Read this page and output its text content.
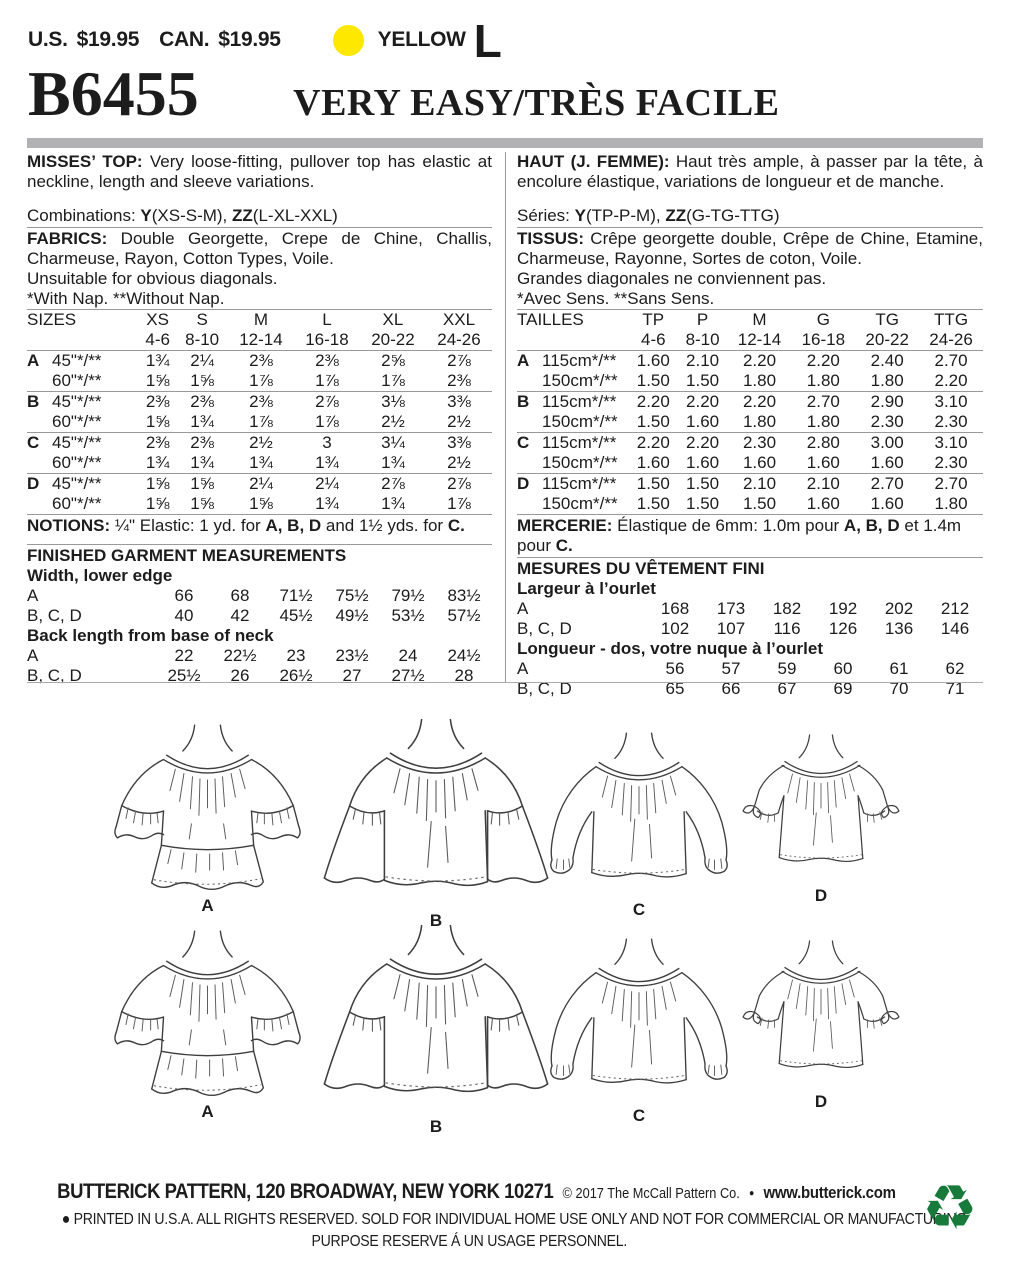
U.S. $19.95 CAN. $19.95	YELLOW L
B6455 VERY EASY/TRÈS FACILE
MISSES’ TOP: Very loose-fitting, pullover top has elastic at neckline, length and sleeve variations.
Combinations: Y(XS-S-M), ZZ(L-XL-XXL)
FABRICS: Double Georgette, Crepe de Chine, Challis, Charmeuse, Rayon, Cotton Types, Voile.
Unsuitable for obvious diagonals.
*With Nap. **Without Nap.
SIZES		XS	S	M	L	XL	XXL
		4-6	8-10	12-14	16-18	20-22	24-26
A	45"*/**	1¾	2¼	2⅜	2⅜	2⅝	2⅞
	60"*/**	1⅝	1⅝	1⅞	1⅞	1⅞	2⅜
B	45"*/**	2⅜	2⅜	2⅜	2⅞	3⅛	3⅜
	60"*/**	1⅝	1¾	1⅞	1⅞	2½	2½
C	45"*/**	2⅜	2⅜	2½	3	3¼	3⅜
	60"*/**	1¾	1¾	1¾	1¾	1¾	2½
D	45"*/**	1⅝	1⅝	2¼	2¼	2⅞	2⅞
	60"*/**	1⅝	1⅝	1⅝	1¾	1¾	1⅞
NOTIONS: ¼" Elastic: 1 yd. for A, B, D and 1½ yds. for C.
FINISHED GARMENT MEASUREMENTS
Width, lower edge						
A	66	68	71½	75½	79½	83½
B, C, D	40	42	45½	49½	53½	57½
Back length from base of neck						
A	22	22½	23	23½	24	24½
B, C, D	25½	26	26½	27	27½	28
HAUT (J. FEMME): Haut très ample, à passer par la tête, à encolure élastique, variations de longueur et de manche.
Séries: Y(TP-P-M), ZZ(G-TG-TTG)
TISSUS: Crêpe georgette double, Crêpe de Chine, Etamine, Charmeuse, Rayonne, Sortes de coton, Voile.
Grandes diagonales ne conviennent pas.
*Avec Sens. **Sans Sens.
TAILLES		TP	P	M	G	TG	TTG
		4-6	8-10	12-14	16-18	20-22	24-26
A	115cm*/**	1.60	2.10	2.20	2.20	2.40	2.70
	150cm*/**	1.50	1.50	1.80	1.80	1.80	2.20
B	115cm*/**	2.20	2.20	2.20	2.70	2.90	3.10
	150cm*/**	1.50	1.60	1.80	1.80	2.30	2.30
C	115cm*/**	2.20	2.20	2.30	2.80	3.00	3.10
	150cm*/**	1.60	1.60	1.60	1.60	1.60	2.30
D	115cm*/**	1.50	1.50	2.10	2.10	2.70	2.70
	150cm*/**	1.50	1.50	1.50	1.60	1.60	1.80
MERCERIE: Élastique de 6mm: 1.0m pour A, B, D et 1.4m pour C.
MESURES DU VÊTEMENT FINI
Largeur à l’ourlet						
A	168	173	182	192	202	212
B, C, D	102	107	116	126	136	146
Longueur - dos, votre nuque à l’ourlet						
A	56	57	59	60	61	62
B, C, D	65	66	67	69	70	71
A
B
C
D
A
B
C
D
BUTTERICK PATTERN, 120 BROADWAY, NEW YORK 10271 © 2017 The McCall Pattern Co. ● www.butterick.com
● PRINTED IN U.S.A. ALL RIGHTS RESERVED. SOLD FOR INDIVIDUAL HOME USE ONLY AND NOT FOR COMMERCIAL OR MANUFACTURING
PURPOSE RESERVE Á UN USAGE PERSONNEL.	♻
